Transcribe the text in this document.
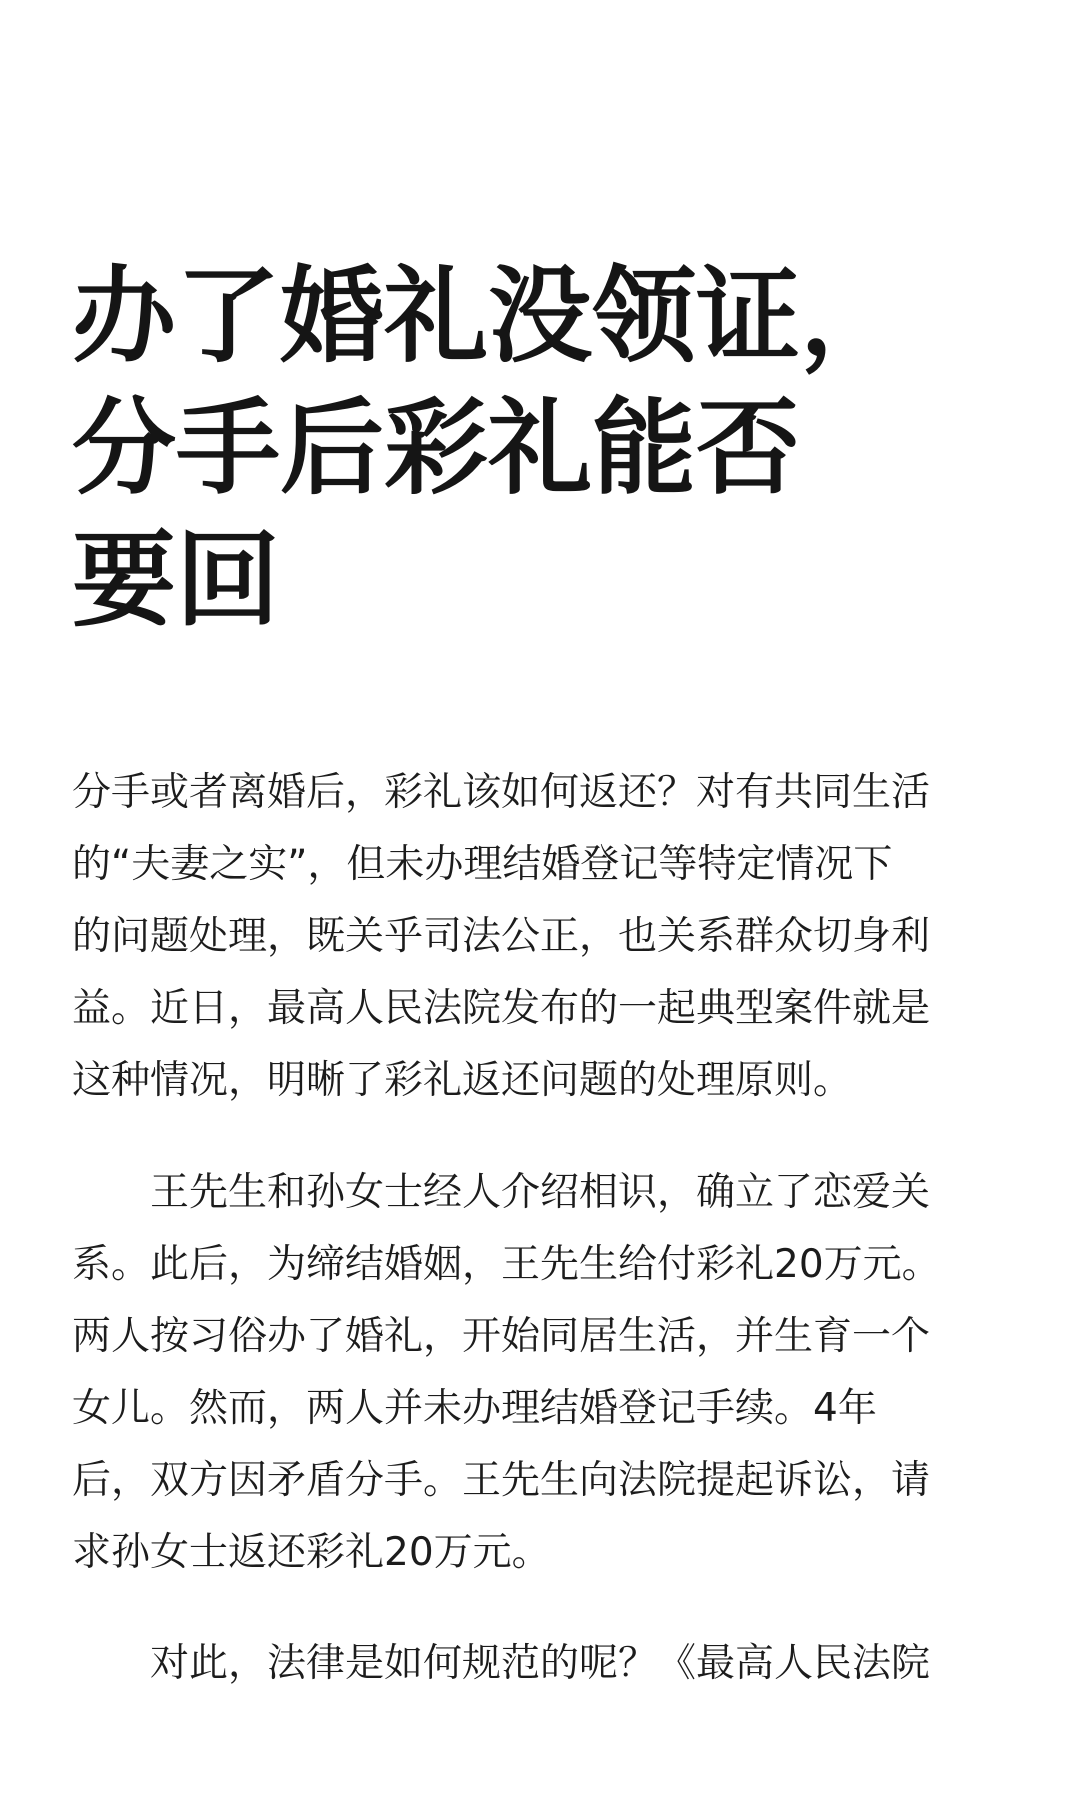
办了婚礼没领证，
分手后彩礼能否
要回

分手或者离婚后，彩礼该如何返还？对有共同生活
的“夫妻之实”，但未办理结婚登记等特定情况下
的问题处理，既关乎司法公正，也关系群众切身利
益。近日，最高人民法院发布的一起典型案件就是
这种情况，明晰了彩礼返还问题的处理原则。

王先生和孙女士经人介绍相识，确立了恋爱关
系。此后，为缔结婚姻，王先生给付彩礼20万元。
两人按习俗办了婚礼，开始同居生活，并生育一个
女儿。然而，两人并未办理结婚登记手续。4年
后，双方因矛盾分手。王先生向法院提起诉讼，请
求孙女士返还彩礼20万元。

对此，法律是如何规范的呢？《最高人民法院
